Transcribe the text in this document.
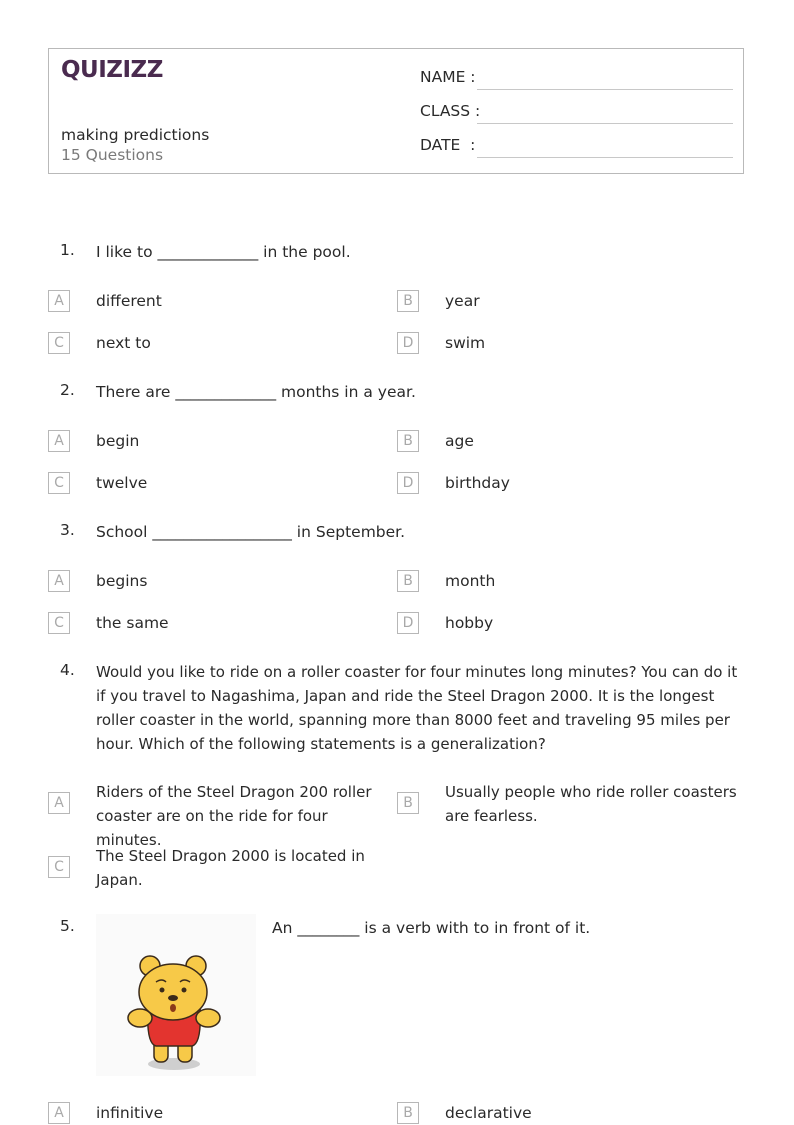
QUIZIZZ
making predictions
15 Questions
NAME :
CLASS :
DATE  :
1. I like to _____________ in the pool.
A	different	B	year
C	next to	D	swim
2. There are _____________ months in a year.
A	begin	B	age
C	twelve	D	birthday
3. School __________________ in September.
A	begins	B	month
C	the same	D	hobby
4. Would you like to ride on a roller coaster for four minutes long minutes? You can do it if you travel to Nagashima, Japan and ride the Steel Dragon 2000. It is the longest roller coaster in the world, spanning more than 8000 feet and traveling 95 miles per hour. Which of the following statements is a generalization?
A
Riders of the Steel Dragon 200 roller coaster are on the ride for four minutes.
B
Usually people who ride roller coasters are fearless.
C
The Steel Dragon 2000 is located in Japan.
5.	An ________ is a verb with to in front of it.
A	infinitive	B	declarative
